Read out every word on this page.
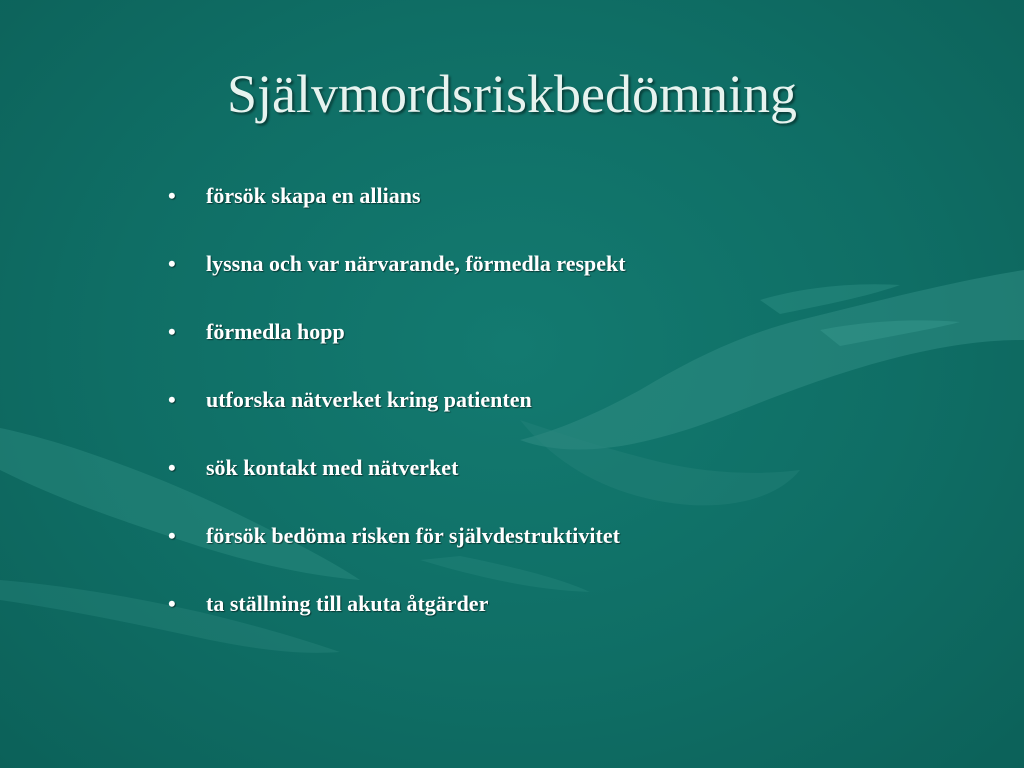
Självmordsriskbedömning
• försök skapa en allians
• lyssna och var närvarande, förmedla respekt
• förmedla hopp
• utforska nätverket kring patienten
• sök kontakt med nätverket
• försök bedöma risken för självdestruktivitet
• ta ställning till akuta åtgärder
